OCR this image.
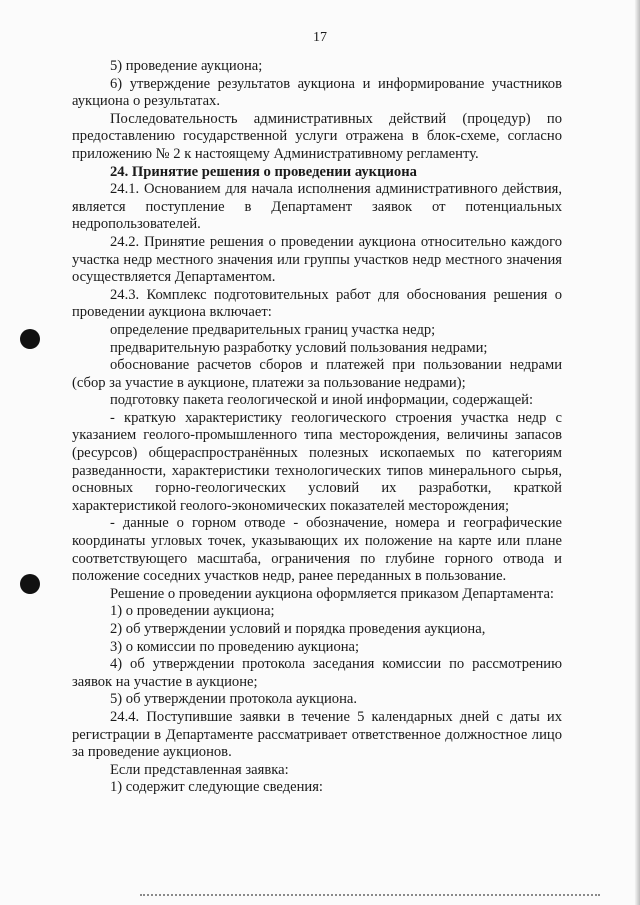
17

5) проведение аукциона;

6) утверждение результатов аукциона и информирование участников аукциона о результатах.

Последовательность административных действий (процедур) по предоставлению государственной услуги отражена в блок-схеме, согласно приложению № 2 к настоящему Административному регламенту.

24. Принятие решения о проведении аукциона

24.1. Основанием для начала исполнения административного действия, является поступление в Департамент заявок от потенциальных недропользователей.

24.2. Принятие решения о проведении аукциона относительно каждого участка недр местного значения или группы участков недр местного значения осуществляется Департаментом.

24.3. Комплекс подготовительных работ для обоснования решения о проведении аукциона включает:

определение предварительных границ участка недр;

предварительную разработку условий пользования недрами;

обоснование расчетов сборов и платежей при пользовании недрами (сбор за участие в аукционе, платежи за пользование недрами);

подготовку пакета геологической и иной информации, содержащей:

- краткую характеристику геологического строения участка недр с указанием геолого-промышленного типа месторождения, величины запасов (ресурсов) общераспространённых полезных ископаемых по категориям разведанности, характеристики технологических типов минерального сырья, основных горно-геологических условий их разработки, краткой характеристикой геолого-экономических показателей месторождения;

- данные о горном отводе - обозначение, номера и географические координаты угловых точек, указывающих их положение на карте или плане соответствующего масштаба, ограничения по глубине горного отвода и положение соседних участков недр, ранее переданных в пользование.

Решение о проведении аукциона оформляется приказом Департамента:

1) о проведении аукциона;

2) об утверждении условий и порядка проведения аукциона,

3) о комиссии по проведению аукциона;

4) об утверждении протокола заседания комиссии по рассмотрению заявок на участие в аукционе;

5) об утверждении протокола аукциона.

24.4. Поступившие заявки в течение 5 календарных дней с даты их регистрации в Департаменте рассматривает ответственное должностное лицо за проведение аукционов.

Если представленная заявка:

1) содержит следующие сведения:
